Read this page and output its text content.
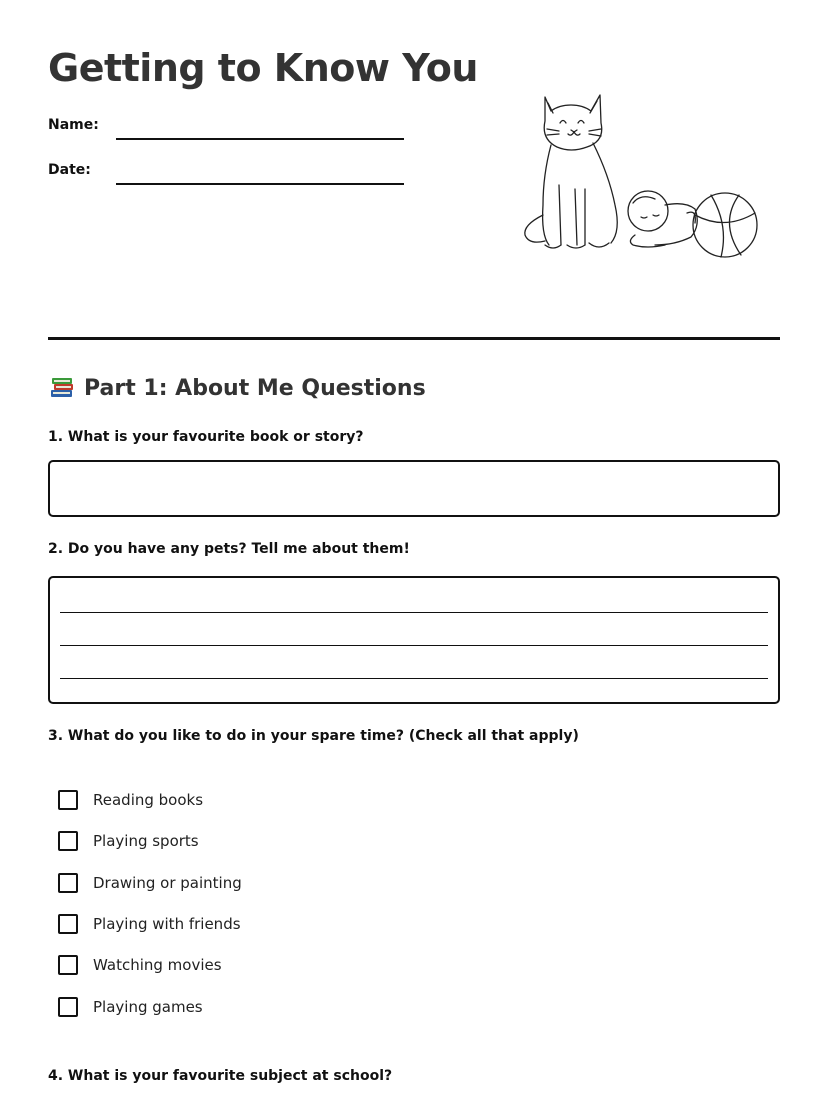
Getting to Know You
Name:
Date:
Part 1: About Me Questions

1. What is your favourite book or story?

2. Do you have any pets? Tell me about them!

3. What do you like to do in your spare time? (Check all that apply)

Reading books
Playing sports
Drawing or painting
Playing with friends
Watching movies
Playing games

4. What is your favourite subject at school?
